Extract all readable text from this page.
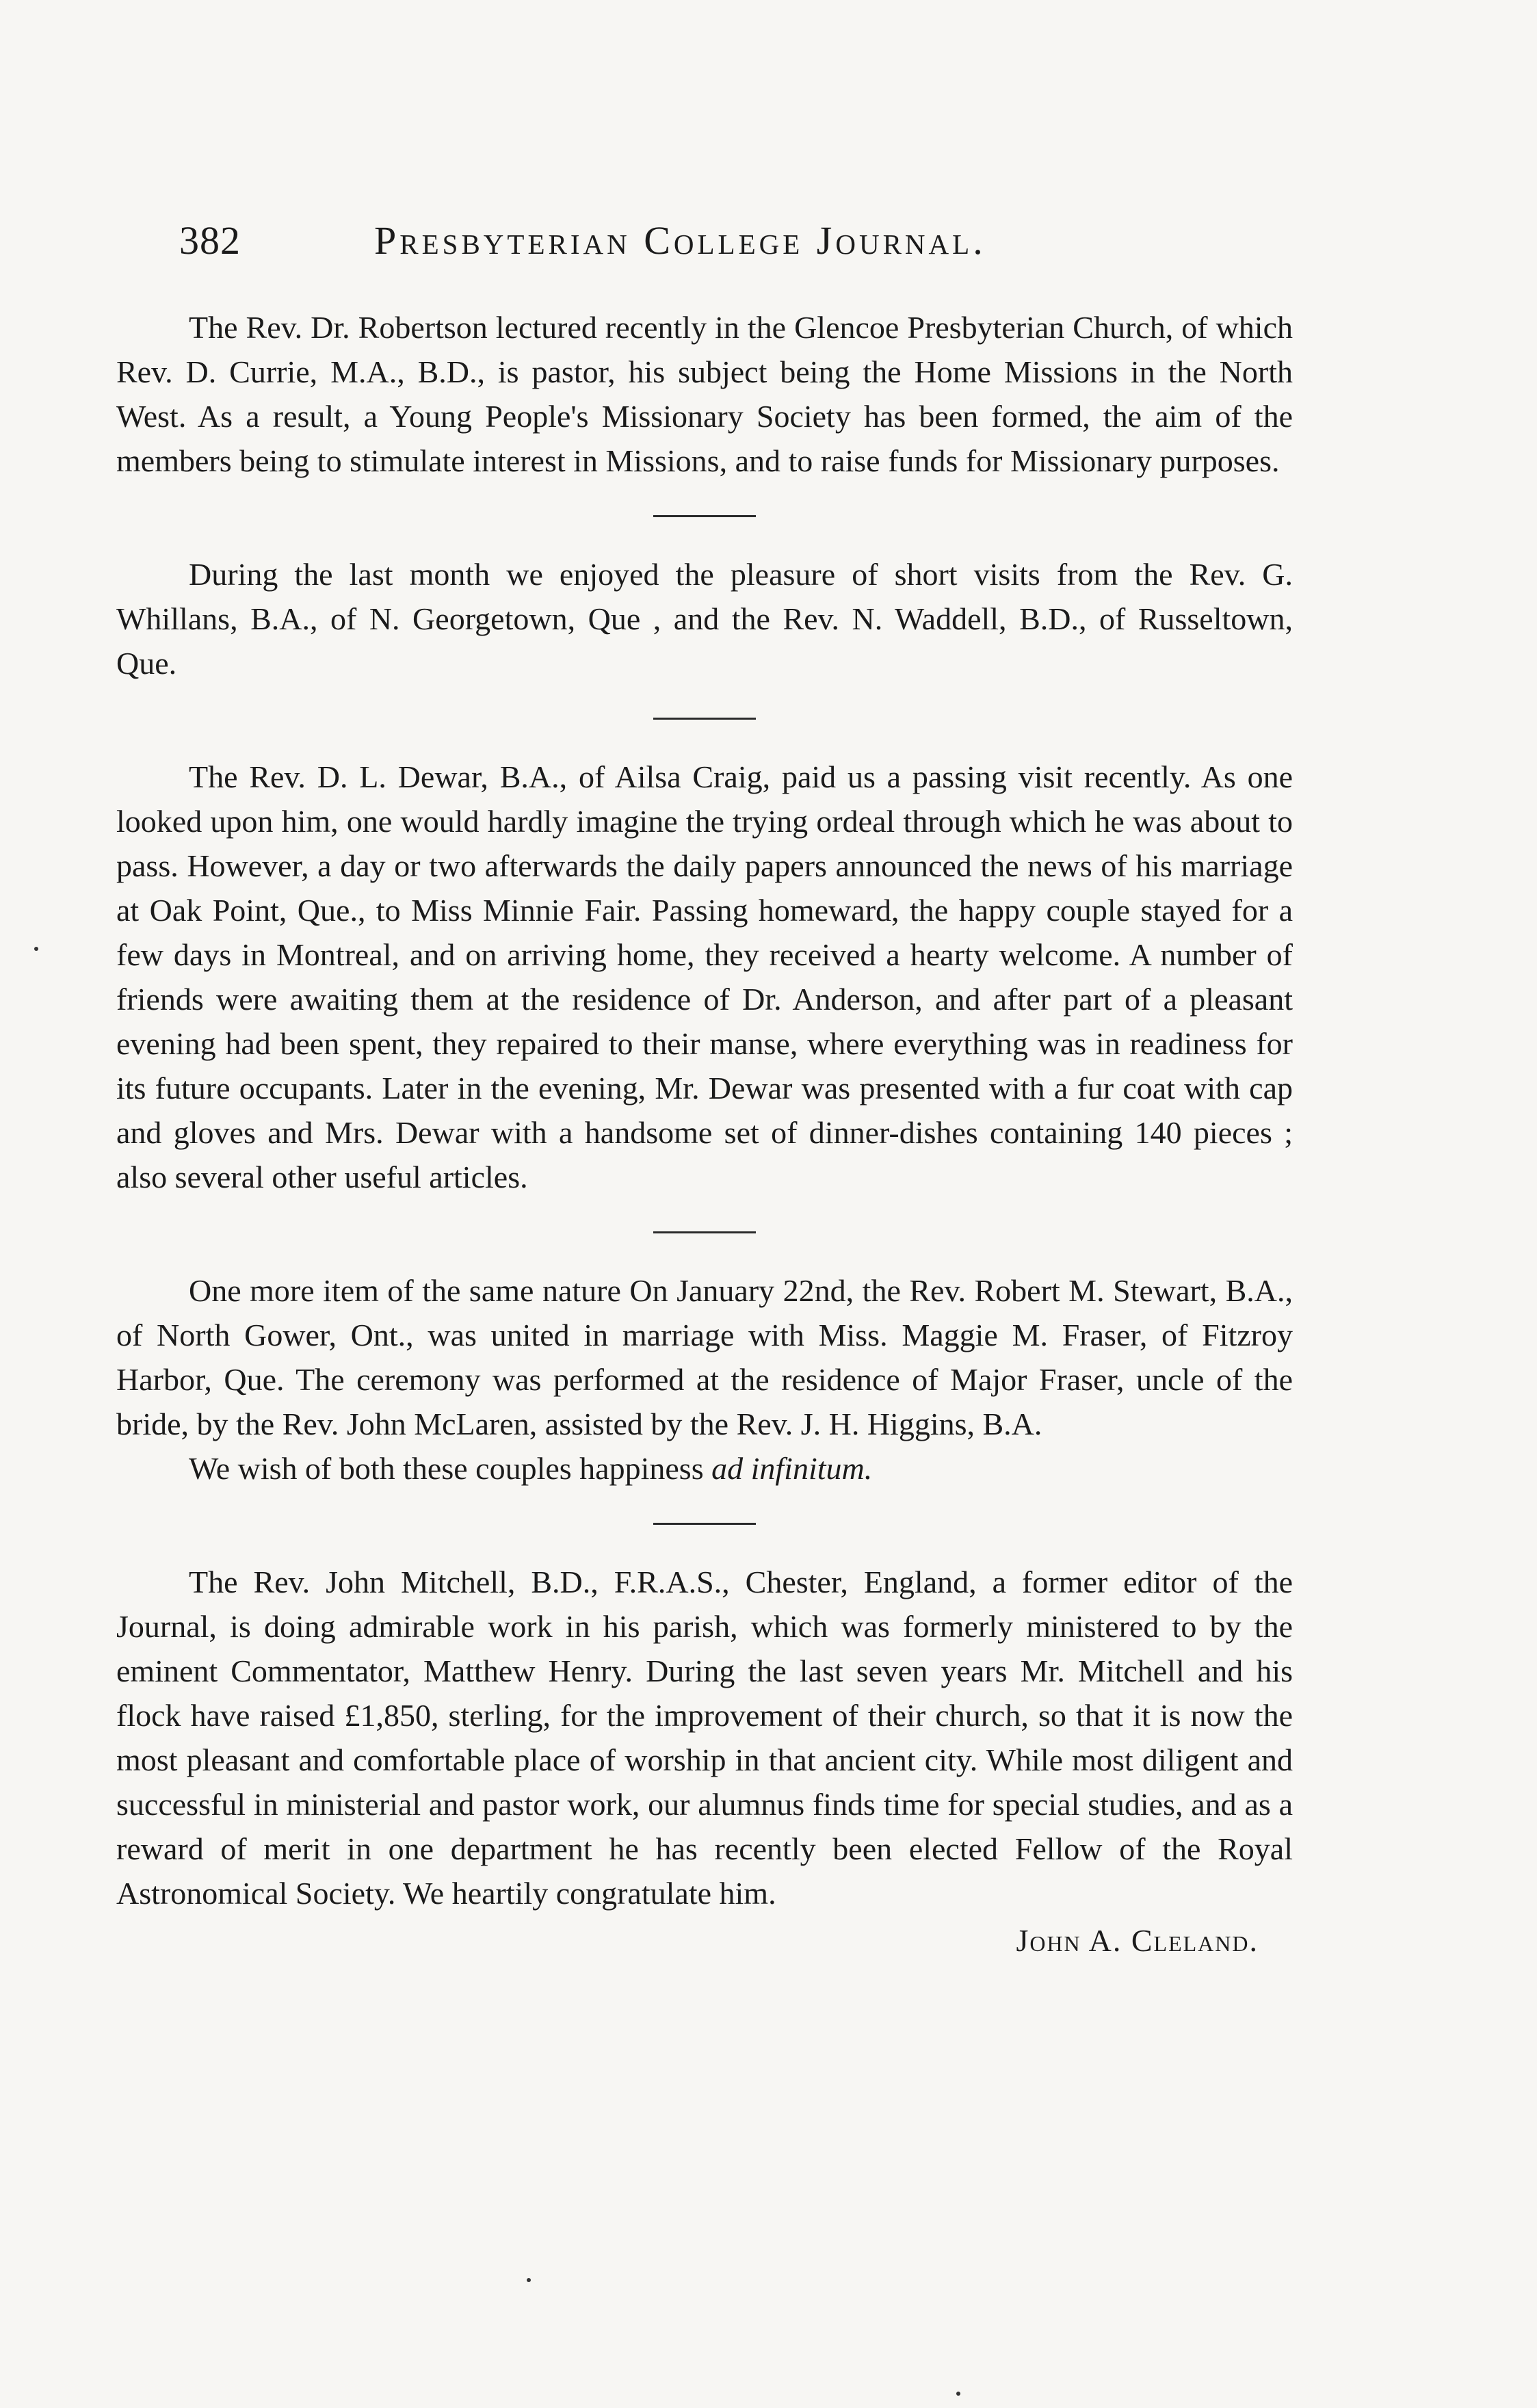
382	Presbyterian College Journal.

The Rev. Dr. Robertson lectured recently in the Glencoe Presbyterian Church, of which Rev. D. Currie, M.A., B.D., is pastor, his subject being the Home Missions in the North West. As a result, a Young People's Missionary Society has been formed, the aim of the members being to stimulate interest in Missions, and to raise funds for Missionary purposes.

During the last month we enjoyed the pleasure of short visits from the Rev. G. Whillans, B.A., of N. Georgetown, Que , and the Rev. N. Waddell, B.D., of Russeltown, Que.

The Rev. D. L. Dewar, B.A., of Ailsa Craig, paid us a passing visit recently. As one looked upon him, one would hardly imagine the trying ordeal through which he was about to pass. However, a day or two afterwards the daily papers announced the news of his marriage at Oak Point, Que., to Miss Minnie Fair. Passing homeward, the happy couple stayed for a few days in Montreal, and on arriving home, they received a hearty welcome. A number of friends were awaiting them at the residence of Dr. Anderson, and after part of a pleasant evening had been spent, they repaired to their manse, where everything was in readiness for its future occupants. Later in the evening, Mr. Dewar was presented with a fur coat with cap and gloves and Mrs. Dewar with a handsome set of dinner-dishes containing 140 pieces ; also several other useful articles.

One more item of the same nature On January 22nd, the Rev. Robert M. Stewart, B.A., of North Gower, Ont., was united in marriage with Miss. Maggie M. Fraser, of Fitzroy Harbor, Que. The ceremony was performed at the residence of Major Fraser, uncle of the bride, by the Rev. John McLaren, assisted by the Rev. J. H. Higgins, B.A.

We wish of both these couples happiness ad infinitum.

The Rev. John Mitchell, B.D., F.R.A.S., Chester, England, a former editor of the Journal, is doing admirable work in his parish, which was formerly ministered to by the eminent Commentator, Matthew Henry. During the last seven years Mr. Mitchell and his flock have raised £1,850, sterling, for the improvement of their church, so that it is now the most pleasant and comfortable place of worship in that ancient city. While most diligent and successful in ministerial and pastor work, our alumnus finds time for special studies, and as a reward of merit in one department he has recently been elected Fellow of the Royal Astronomical Society. We heartily congratulate him.

John A. Cleland.
